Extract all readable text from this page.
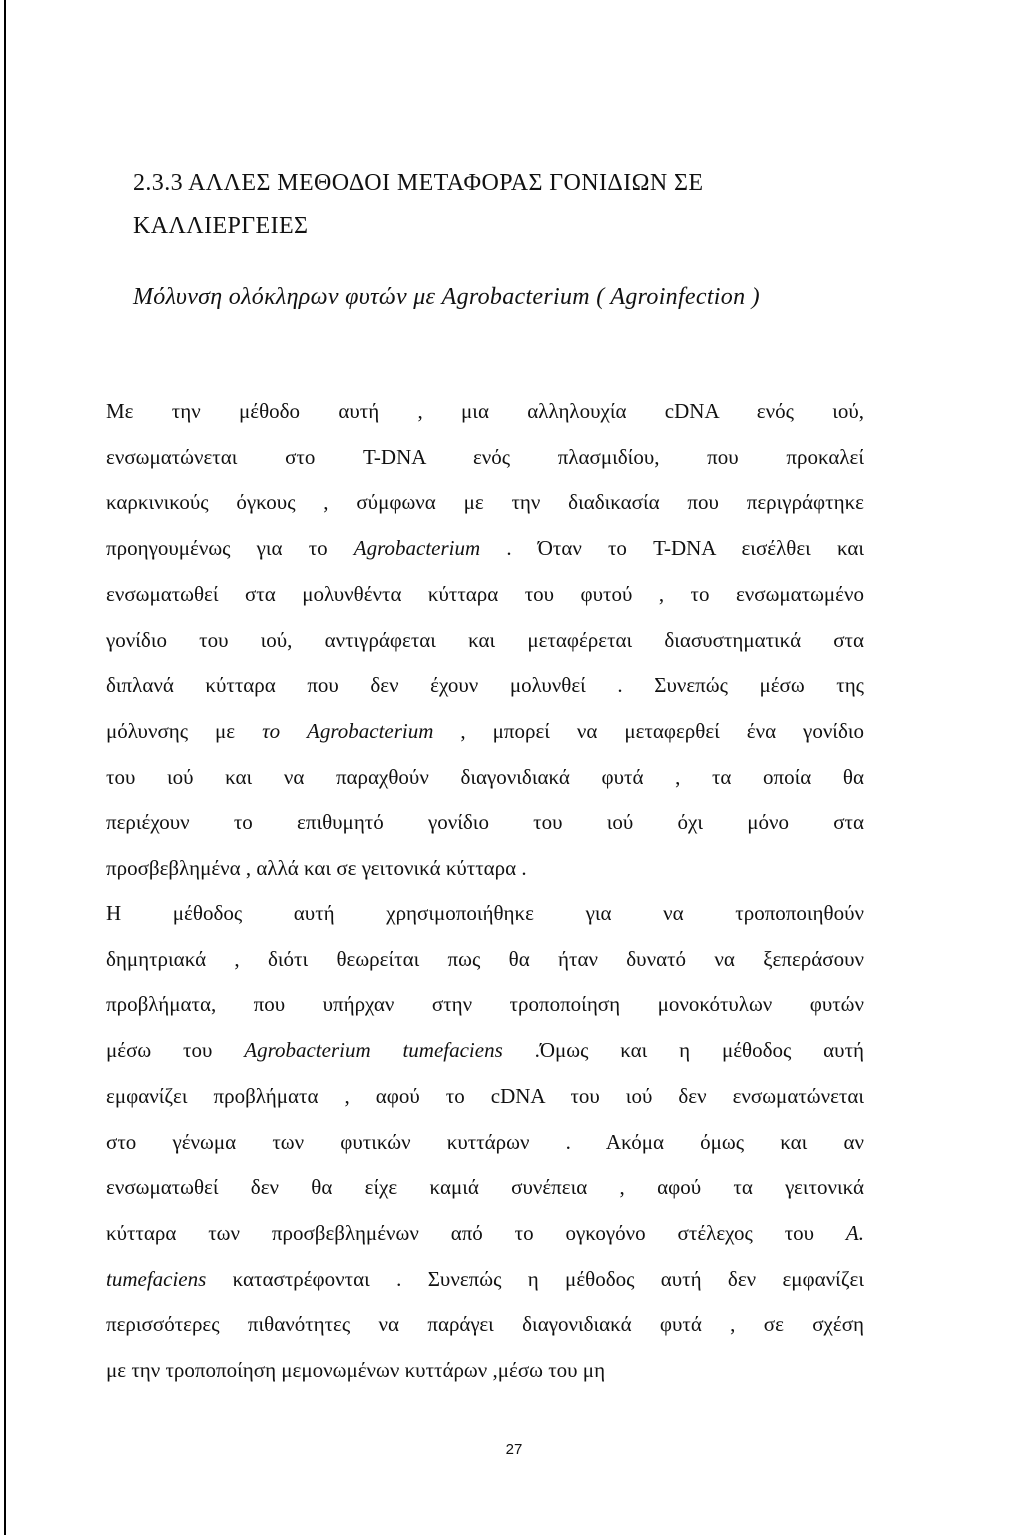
2.3.3 ΑΛΛΕΣ ΜΕΘΟΔΟΙ ΜΕΤΑΦΟΡΑΣ ΓΟΝΙΔΙΩΝ ΣΕ
ΚΑΛΛΙΕΡΓΕΙΕΣ
Μόλυνση ολόκληρων φυτών με Agrobacterium ( Agroinfection )
Με την μέθοδο αυτή , μια αλληλουχία cDNA ενός ιού,
ενσωματώνεται στο T-DNA ενός πλασμιδίου, που προκαλεί
καρκινικούς όγκους , σύμφωνα με την διαδικασία που περιγράφτηκε
προηγουμένως για το Agrobacterium . Όταν το T-DNA εισέλθει και
ενσωματωθεί στα μολυνθέντα κύτταρα του φυτού , το ενσωματωμένο
γονίδιο του ιού, αντιγράφεται και μεταφέρεται διασυστηματικά στα
διπλανά κύτταρα που δεν έχουν μολυνθεί . Συνεπώς μέσω της
μόλυνσης με το Agrobacterium , μπορεί να μεταφερθεί ένα γονίδιο
του ιού και να παραχθούν διαγονιδιακά φυτά , τα οποία θα
περιέχουν το επιθυμητό γονίδιο του ιού όχι μόνο στα
προσβεβλημένα , αλλά και σε γειτονικά κύτταρα .
Η μέθοδος αυτή χρησιμοποιήθηκε για να τροποποιηθούν
δημητριακά , διότι θεωρείται πως θα ήταν δυνατό να ξεπεράσουν
προβλήματα, που υπήρχαν στην τροποποίηση μονοκότυλων φυτών
μέσω του Agrobacterium tumefaciens .Όμως και η μέθοδος αυτή
εμφανίζει προβλήματα , αφού το cDNA του ιού δεν ενσωματώνεται
στο γένωμα των φυτικών κυττάρων . Ακόμα όμως και αν
ενσωματωθεί δεν θα είχε καμιά συνέπεια , αφού τα γειτονικά
κύτταρα των προσβεβλημένων από το ογκογόνο στέλεχος του Α.
tumefaciens καταστρέφονται . Συνεπώς η μέθοδος αυτή δεν εμφανίζει
περισσότερες πιθανότητες να παράγει διαγονιδιακά φυτά , σε σχέση
με την τροποποίηση μεμονωμένων κυττάρων ,μέσω του μη
27
